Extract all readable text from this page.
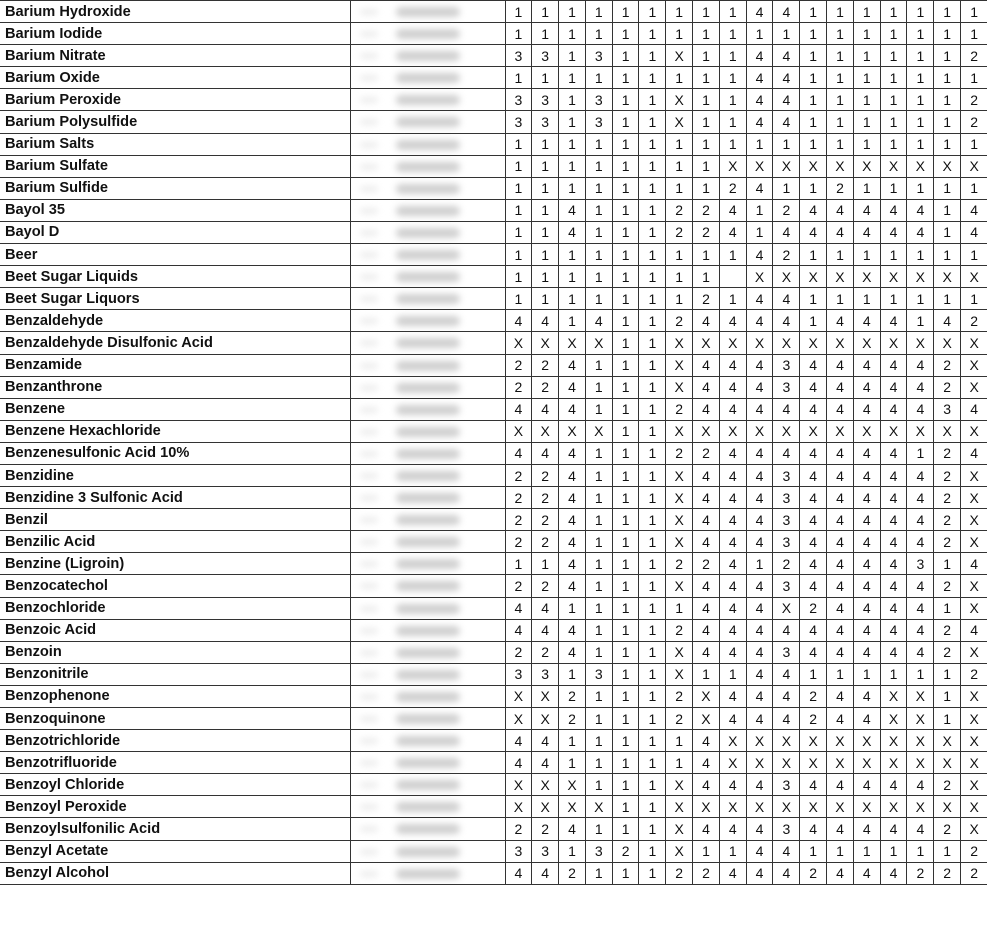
Barium Hydroxide		1	1	1	1	1	1	1	1	1	4	4	1	1	1	1	1	1	1
Barium Iodide		1	1	1	1	1	1	1	1	1	1	1	1	1	1	1	1	1	1
Barium Nitrate		3	3	1	3	1	1	X	1	1	4	4	1	1	1	1	1	1	2
Barium Oxide		1	1	1	1	1	1	1	1	1	4	4	1	1	1	1	1	1	1
Barium Peroxide		3	3	1	3	1	1	X	1	1	4	4	1	1	1	1	1	1	2
Barium Polysulfide		3	3	1	3	1	1	X	1	1	4	4	1	1	1	1	1	1	2
Barium Salts		1	1	1	1	1	1	1	1	1	1	1	1	1	1	1	1	1	1
Barium Sulfate		1	1	1	1	1	1	1	1	X	X	X	X	X	X	X	X	X	X
Barium Sulfide		1	1	1	1	1	1	1	1	2	4	1	1	2	1	1	1	1	1
Bayol 35		1	1	4	1	1	1	2	2	4	1	2	4	4	4	4	4	1	4
Bayol D		1	1	4	1	1	1	2	2	4	1	4	4	4	4	4	4	1	4
Beer		1	1	1	1	1	1	1	1	1	4	2	1	1	1	1	1	1	1
Beet Sugar Liquids		1	1	1	1	1	1	1	1		X	X	X	X	X	X	X	X	X
Beet Sugar Liquors		1	1	1	1	1	1	1	2	1	4	4	1	1	1	1	1	1	1
Benzaldehyde		4	4	1	4	1	1	2	4	4	4	4	1	4	4	4	1	4	2
Benzaldehyde Disulfonic Acid		X	X	X	X	1	1	X	X	X	X	X	X	X	X	X	X	X	X
Benzamide		2	2	4	1	1	1	X	4	4	4	3	4	4	4	4	4	2	X
Benzanthrone		2	2	4	1	1	1	X	4	4	4	3	4	4	4	4	4	2	X
Benzene		4	4	4	1	1	1	2	4	4	4	4	4	4	4	4	4	3	4
Benzene Hexachloride		X	X	X	X	1	1	X	X	X	X	X	X	X	X	X	X	X	X
Benzenesulfonic Acid 10%		4	4	4	1	1	1	2	2	4	4	4	4	4	4	4	1	2	4
Benzidine		2	2	4	1	1	1	X	4	4	4	3	4	4	4	4	4	2	X
Benzidine 3 Sulfonic Acid		2	2	4	1	1	1	X	4	4	4	3	4	4	4	4	4	2	X
Benzil		2	2	4	1	1	1	X	4	4	4	3	4	4	4	4	4	2	X
Benzilic Acid		2	2	4	1	1	1	X	4	4	4	3	4	4	4	4	4	2	X
Benzine (Ligroin)		1	1	4	1	1	1	2	2	4	1	2	4	4	4	4	3	1	4
Benzocatechol		2	2	4	1	1	1	X	4	4	4	3	4	4	4	4	4	2	X
Benzochloride		4	4	1	1	1	1	1	4	4	4	X	2	4	4	4	4	1	X
Benzoic Acid		4	4	4	1	1	1	2	4	4	4	4	4	4	4	4	4	2	4
Benzoin		2	2	4	1	1	1	X	4	4	4	3	4	4	4	4	4	2	X
Benzonitrile		3	3	1	3	1	1	X	1	1	4	4	1	1	1	1	1	1	2
Benzophenone		X	X	2	1	1	1	2	X	4	4	4	2	4	4	X	X	1	X
Benzoquinone		X	X	2	1	1	1	2	X	4	4	4	2	4	4	X	X	1	X
Benzotrichloride		4	4	1	1	1	1	1	4	X	X	X	X	X	X	X	X	X	X
Benzotrifluoride		4	4	1	1	1	1	1	4	X	X	X	X	X	X	X	X	X	X
Benzoyl Chloride		X	X	X	1	1	1	X	4	4	4	3	4	4	4	4	4	2	X
Benzoyl Peroxide		X	X	X	X	1	1	X	X	X	X	X	X	X	X	X	X	X	X
Benzoylsulfonilic Acid		2	2	4	1	1	1	X	4	4	4	3	4	4	4	4	4	2	X
Benzyl Acetate		3	3	1	3	2	1	X	1	1	4	4	1	1	1	1	1	1	2
Benzyl Alcohol		4	4	2	1	1	1	2	2	4	4	4	2	4	4	4	2	2	2
